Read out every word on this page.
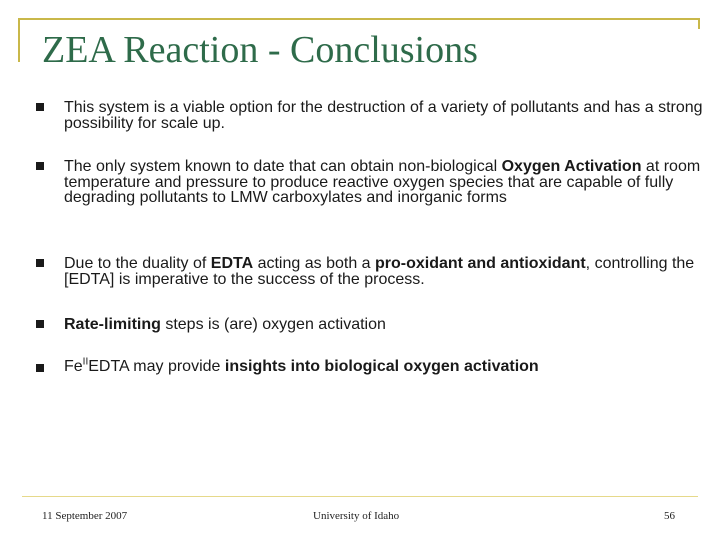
ZEA Reaction - Conclusions
This system is a viable option for the destruction of a variety of pollutants and has a strong possibility for scale up.
The only system known to date that can obtain non-biological Oxygen Activation at room temperature and pressure to produce reactive oxygen species that are capable of fully degrading pollutants to LMW carboxylates and inorganic forms
Due to the duality of EDTA acting as both a pro-oxidant and antioxidant, controlling the [EDTA] is imperative to the success of the process.
Rate-limiting steps is (are) oxygen activation
$Fe^{II}EDTA$ may provide insights into biological oxygen activation
11 September 2007	University of Idaho	56
